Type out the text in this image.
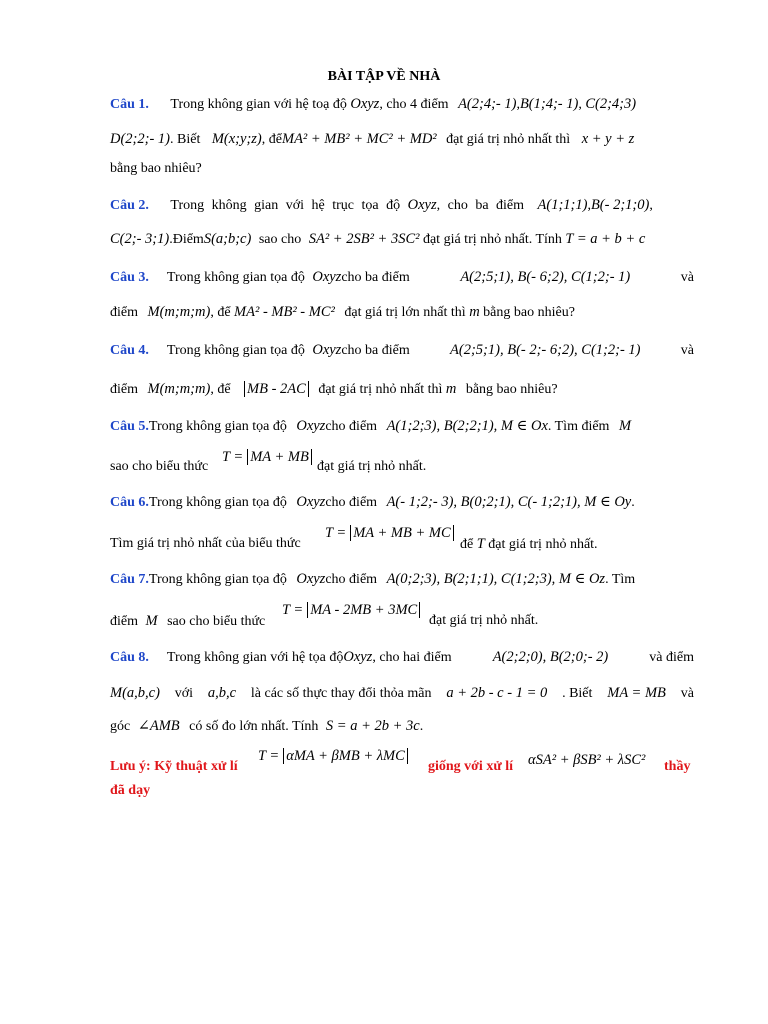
BÀI TẬP VỀ NHÀ
Câu 1. Trong không gian với hệ toạ độ Oxyz, cho 4 điểm A(2;4;- 1),B(1;4;- 1), C(2;4;3)
D(2;2;- 1). Biết M(x;y;z), đểMA² + MB² + MC² + MD² đạt giá trị nhỏ nhất thì x + y + z
bằng bao nhiêu?
Câu 2. Trong không gian với hệ trục tọa độ Oxyz, cho ba điểm A(1;1;1),B(- 2;1;0),
C(2;- 3;1).ĐiểmS(a;b;c) sao cho SA² + 2SB² + 3SC² đạt giá trị nhỏ nhất. Tính T = a + b + c
Câu 3. Trong không gian tọa độ Oxyzcho ba điểm	A(2;5;1), B(- 6;2), C(1;2;- 1)	và
điểm M(m;m;m), để MA² - MB² - MC² đạt giá trị lớn nhất thì m bằng bao nhiêu?
Câu 4. Trong không gian tọa độ Oxyzcho ba điểm	A(2;5;1), B(- 2;- 6;2), C(1;2;- 1)	và
điểm M(m;m;m), để MB - 2AC đạt giá trị nhỏ nhất thì m bằng bao nhiêu?
Câu 5.Trong không gian tọa độ Oxyzcho điểm A(1;2;3), B(2;2;1), M ∈ Ox. Tìm điểm M
sao cho biểu thức
T = MA + MB
đạt giá trị nhỏ nhất.
Câu 6.Trong không gian tọa độ Oxyzcho điểm A(- 1;2;- 3), B(0;2;1), C(- 1;2;1), M ∈ Oy.
Tìm giá trị nhỏ nhất của biểu thức
T = MA + MB + MC
để T đạt giá trị nhỏ nhất.
Câu 7.Trong không gian tọa độ Oxyzcho điểm A(0;2;3), B(2;1;1), C(1;2;3), M ∈ Oz. Tìm
điểm M sao cho biểu thức
T = MA - 2MB + 3MC
đạt giá trị nhỏ nhất.
Câu 8. Trong không gian với hệ tọa độOxyz, cho hai điểm	A(2;2;0), B(2;0;- 2)	và điểm
M(a,b,c) với a,b,c là các số thực thay đổi thỏa mãn a + 2b - c - 1 = 0 . Biết MA = MB và
góc ∠AMB có số đo lớn nhất. Tính S = a + 2b + 3c.
Lưu ý: Kỹ thuật xử lí
T = αMA + βMB + λMC
giống với xử lí αSA² + βSB² + λSC² thầy
đã dạy
